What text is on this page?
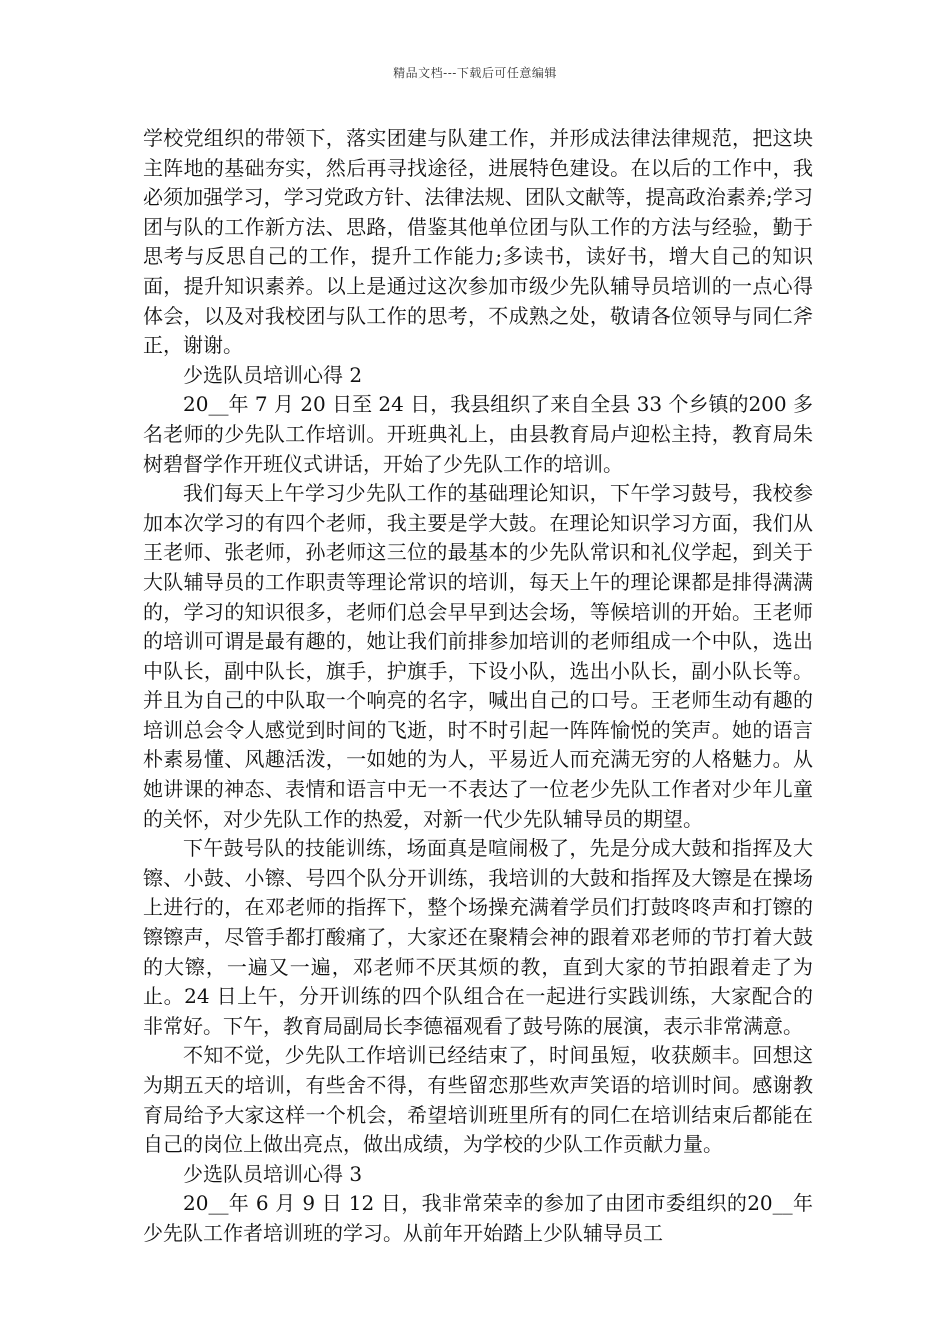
精品文档---下载后可任意编辑

学校党组织的带领下，落实团建与队建工作，并形成法律法律规范，把这块主阵地的基础夯实，然后再寻找途径，进展特色建设。在以后的工作中，我必须加强学习，学习党政方针、法律法规、团队文献等，提高政治素养;学习团与队的工作新方法、思路，借鉴其他单位团与队工作的方法与经验，勤于思考与反思自己的工作，提升工作能力;多读书，读好书，增大自己的知识面，提升知识素养。以上是通过这次参加市级少先队辅导员培训的一点心得体会，以及对我校团与队工作的思考，不成熟之处，敬请各位领导与同仁斧正，谢谢。

少选队员培训心得 2

20__年 7 月 20 日至 24 日，我县组织了来自全县 33 个乡镇的200 多名老师的少先队工作培训。开班典礼上，由县教育局卢迎松主持，教育局朱树碧督学作开班仪式讲话，开始了少先队工作的培训。

我们每天上午学习少先队工作的基础理论知识，下午学习鼓号，我校参加本次学习的有四个老师，我主要是学大鼓。在理论知识学习方面，我们从王老师、张老师，孙老师这三位的最基本的少先队常识和礼仪学起，到关于大队辅导员的工作职责等理论常识的培训，每天上午的理论课都是排得满满的，学习的知识很多，老师们总会早早到达会场，等候培训的开始。王老师的培训可谓是最有趣的，她让我们前排参加培训的老师组成一个中队，选出中队长，副中队长，旗手，护旗手，下设小队，选出小队长，副小队长等。并且为自己的中队取一个响亮的名字，喊出自己的口号。王老师生动有趣的培训总会令人感觉到时间的飞逝，时不时引起一阵阵愉悦的笑声。她的语言朴素易懂、风趣活泼，一如她的为人，平易近人而充满无穷的人格魅力。从她讲课的神态、表情和语言中无一不表达了一位老少先队工作者对少年儿童的关怀，对少先队工作的热爱，对新一代少先队辅导员的期望。

下午鼓号队的技能训练，场面真是喧闹极了，先是分成大鼓和指挥及大镲、小鼓、小镲、号四个队分开训练，我培训的大鼓和指挥及大镲是在操场上进行的，在邓老师的指挥下，整个场操充满着学员们打鼓咚咚声和打镲的镲镲声，尽管手都打酸痛了，大家还在聚精会神的跟着邓老师的节打着大鼓的大镲，一遍又一遍，邓老师不厌其烦的教，直到大家的节拍跟着走了为止。24 日上午，分开训练的四个队组合在一起进行实践训练，大家配合的非常好。下午，教育局副局长李德福观看了鼓号陈的展演，表示非常满意。

不知不觉，少先队工作培训已经结束了，时间虽短，收获颇丰。回想这为期五天的培训，有些舍不得，有些留恋那些欢声笑语的培训时间。感谢教育局给予大家这样一个机会，希望培训班里所有的同仁在培训结束后都能在自己的岗位上做出亮点，做出成绩，为学校的少队工作贡献力量。

少选队员培训心得 3

20__年 6 月 9 日 12 日，我非常荣幸的参加了由团市委组织的20__年少先队工作者培训班的学习。从前年开始踏上少队辅导员工
